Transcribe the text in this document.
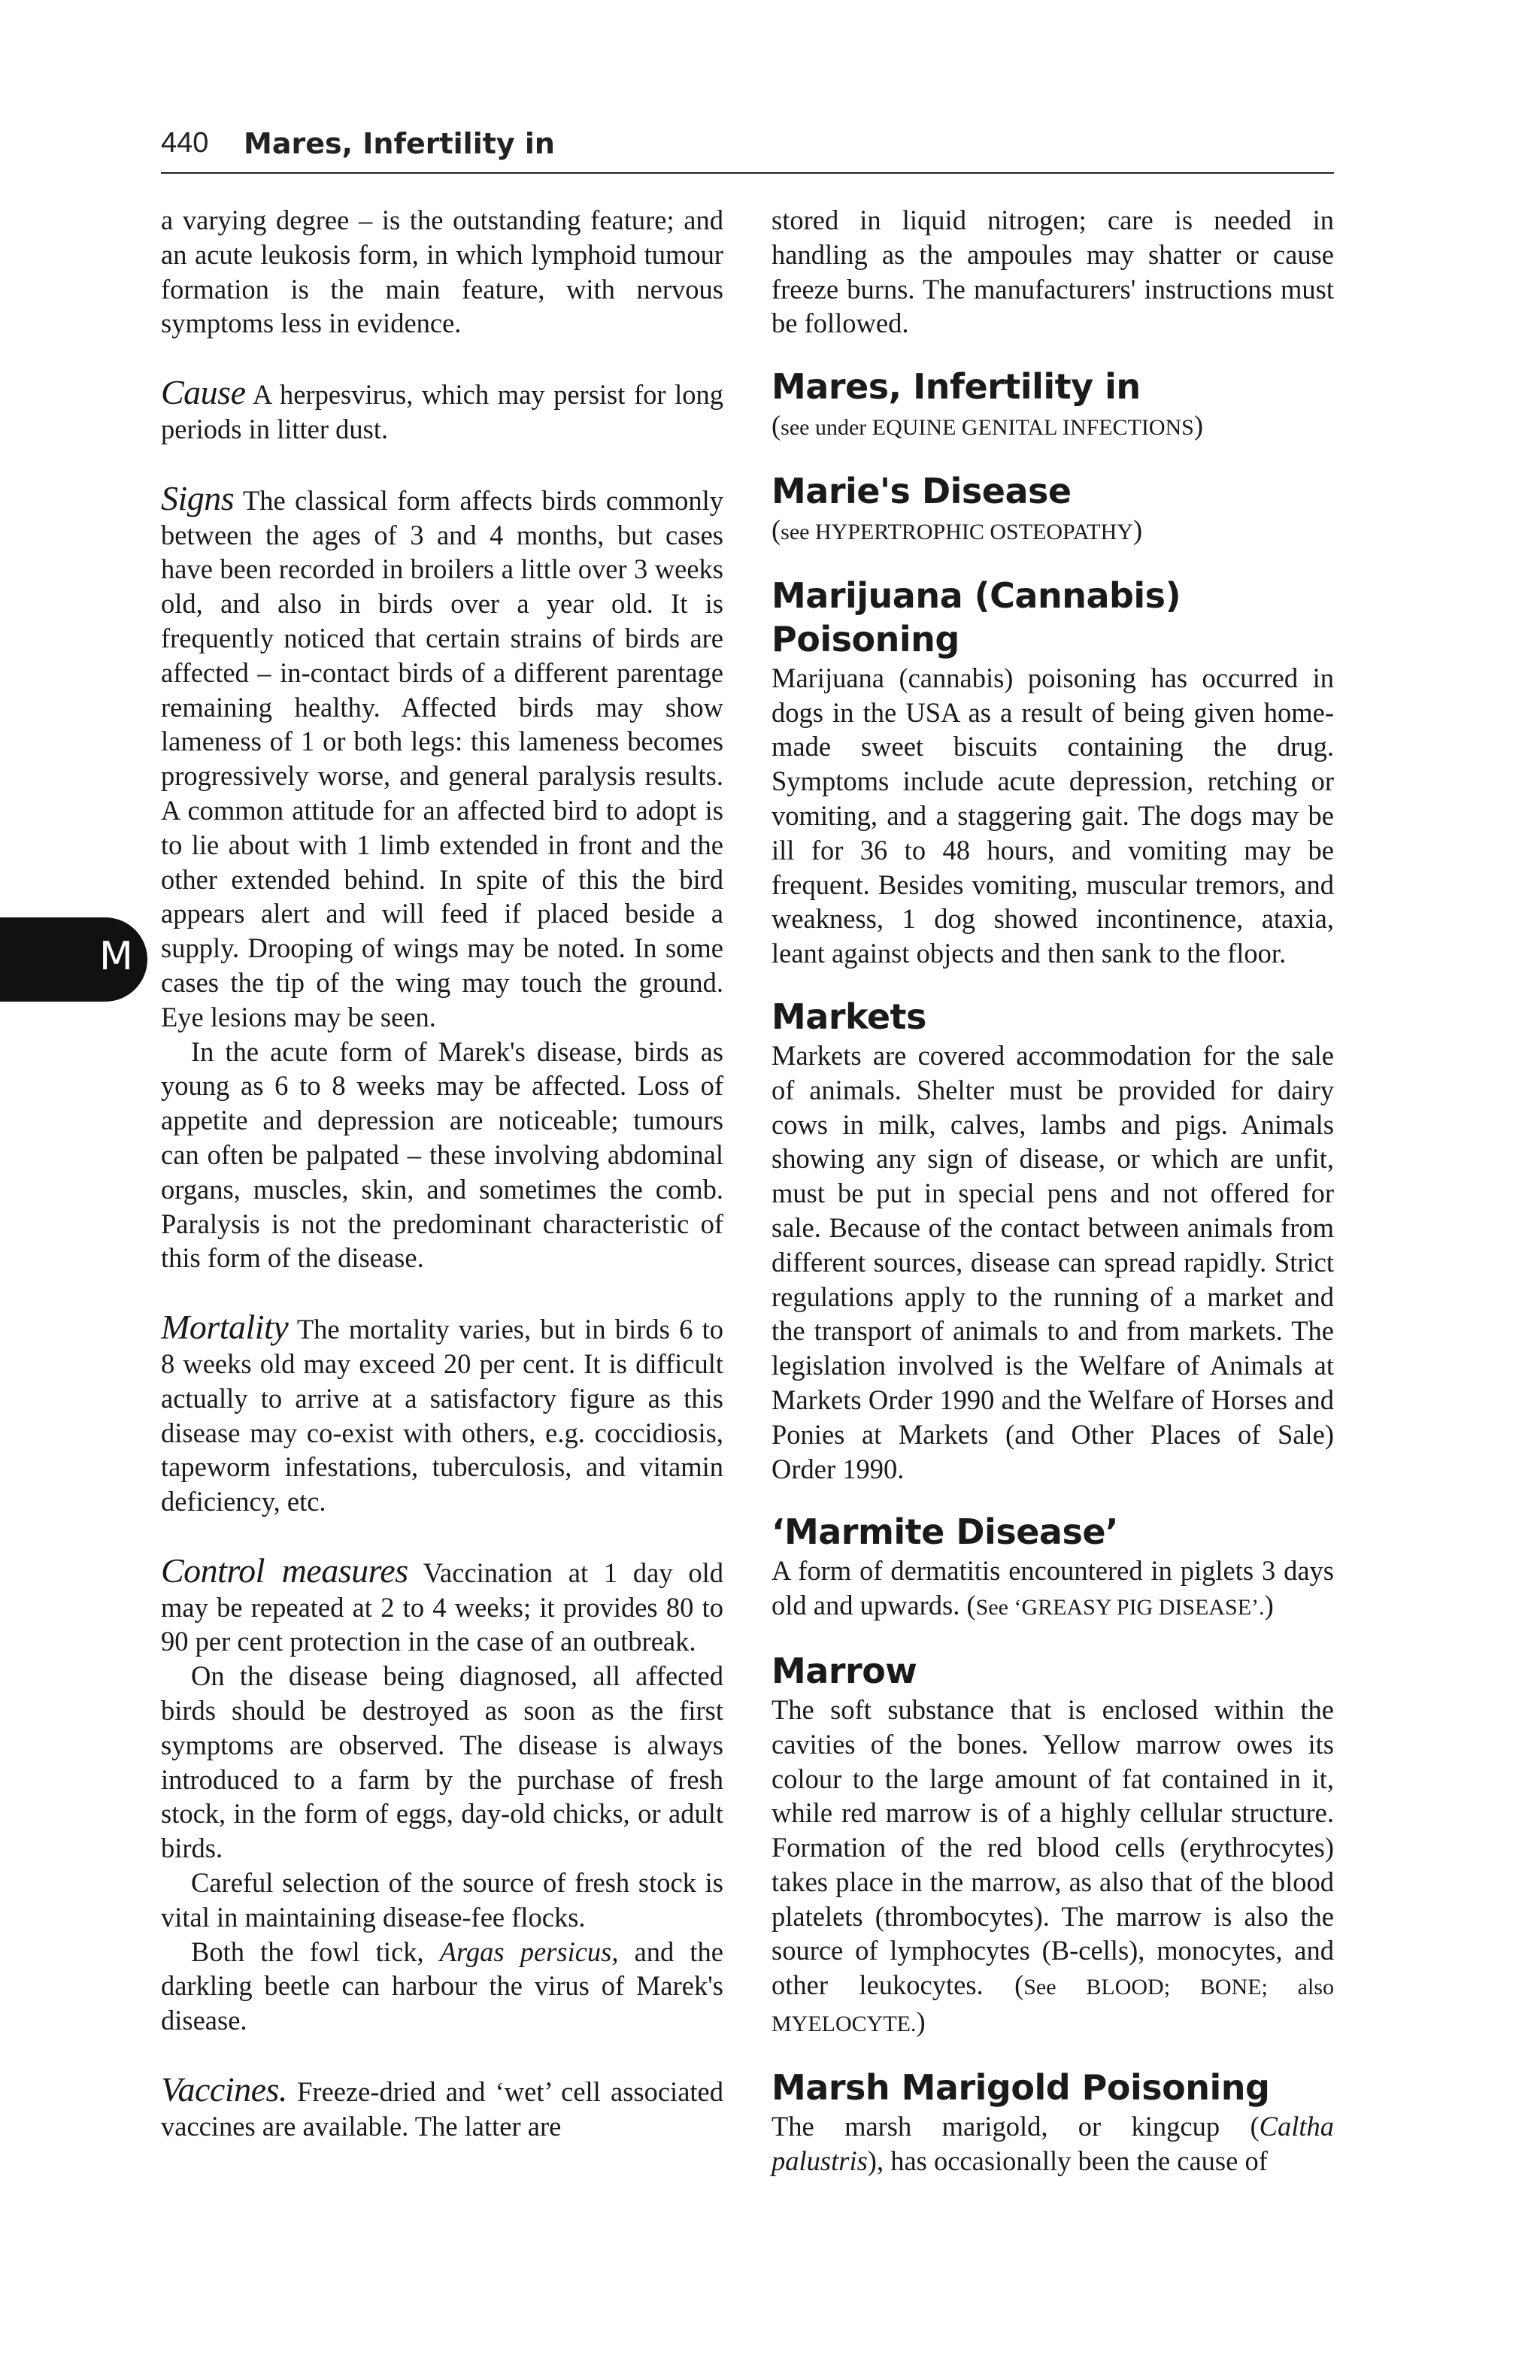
440 Mares, Infertility in
M

a varying degree – is the outstanding feature; and an acute leukosis form, in which lymphoid tumour formation is the main feature, with nervous symptoms less in evidence.

Cause A herpesvirus, which may persist for long periods in litter dust.

Signs The classical form affects birds commonly between the ages of 3 and 4 months, but cases have been recorded in broilers a little over 3 weeks old, and also in birds over a year old. It is frequently noticed that certain strains of birds are affected – in-contact birds of a different parentage remaining healthy. Affected birds may show lameness of 1 or both legs: this lameness becomes progressively worse, and general paralysis results. A common attitude for an affected bird to adopt is to lie about with 1 limb extended in front and the other extended behind. In spite of this the bird appears alert and will feed if placed beside a supply. Drooping of wings may be noted. In some cases the tip of the wing may touch the ground. Eye lesions may be seen.

In the acute form of Marek's disease, birds as young as 6 to 8 weeks may be affected. Loss of appetite and depression are noticeable; tumours can often be palpated – these involving abdominal organs, muscles, skin, and sometimes the comb. Paralysis is not the predominant characteristic of this form of the disease.

Mortality The mortality varies, but in birds 6 to 8 weeks old may exceed 20 per cent. It is difficult actually to arrive at a satisfactory figure as this disease may co-exist with others, e.g. coccidiosis, tapeworm infestations, tuberculosis, and vitamin deficiency, etc.

Control measures Vaccination at 1 day old may be repeated at 2 to 4 weeks; it provides 80 to 90 per cent protection in the case of an outbreak.

On the disease being diagnosed, all affected birds should be destroyed as soon as the first symptoms are observed. The disease is always introduced to a farm by the purchase of fresh stock, in the form of eggs, day-old chicks, or adult birds.

Careful selection of the source of fresh stock is vital in maintaining disease-fee flocks.

Both the fowl tick, Argas persicus, and the darkling beetle can harbour the virus of Marek's disease.

Vaccines. Freeze-dried and ‘wet’ cell associated vaccines are available. The latter are

stored in liquid nitrogen; care is needed in handling as the ampoules may shatter or cause freeze burns. The manufacturers' instructions must be followed.

Mares, Infertility in

(see under EQUINE GENITAL INFECTIONS)

Marie's Disease

(see HYPERTROPHIC OSTEOPATHY)

Marijuana (Cannabis) Poisoning

Marijuana (cannabis) poisoning has occurred in dogs in the USA as a result of being given home-made sweet biscuits containing the drug. Symptoms include acute depression, retching or vomiting, and a staggering gait. The dogs may be ill for 36 to 48 hours, and vomiting may be frequent. Besides vomiting, muscular tremors, and weakness, 1 dog showed incontinence, ataxia, leant against objects and then sank to the floor.

Markets

Markets are covered accommodation for the sale of animals. Shelter must be provided for dairy cows in milk, calves, lambs and pigs. Animals showing any sign of disease, or which are unfit, must be put in special pens and not offered for sale. Because of the contact between animals from different sources, disease can spread rapidly. Strict regulations apply to the running of a market and the transport of animals to and from markets. The legislation involved is the Welfare of Animals at Markets Order 1990 and the Welfare of Horses and Ponies at Markets (and Other Places of Sale) Order 1990.

‘Marmite Disease’

A form of dermatitis encountered in piglets 3 days old and upwards. (See ‘GREASY PIG DISEASE’.)

Marrow

The soft substance that is enclosed within the cavities of the bones. Yellow marrow owes its colour to the large amount of fat contained in it, while red marrow is of a highly cellular structure. Formation of the red blood cells (erythrocytes) takes place in the marrow, as also that of the blood platelets (thrombocytes). The marrow is also the source of lymphocytes (B-cells), monocytes, and other leukocytes. (See BLOOD; BONE; also MYELOCYTE.)

Marsh Marigold Poisoning

The marsh marigold, or kingcup (Caltha palustris), has occasionally been the cause of
